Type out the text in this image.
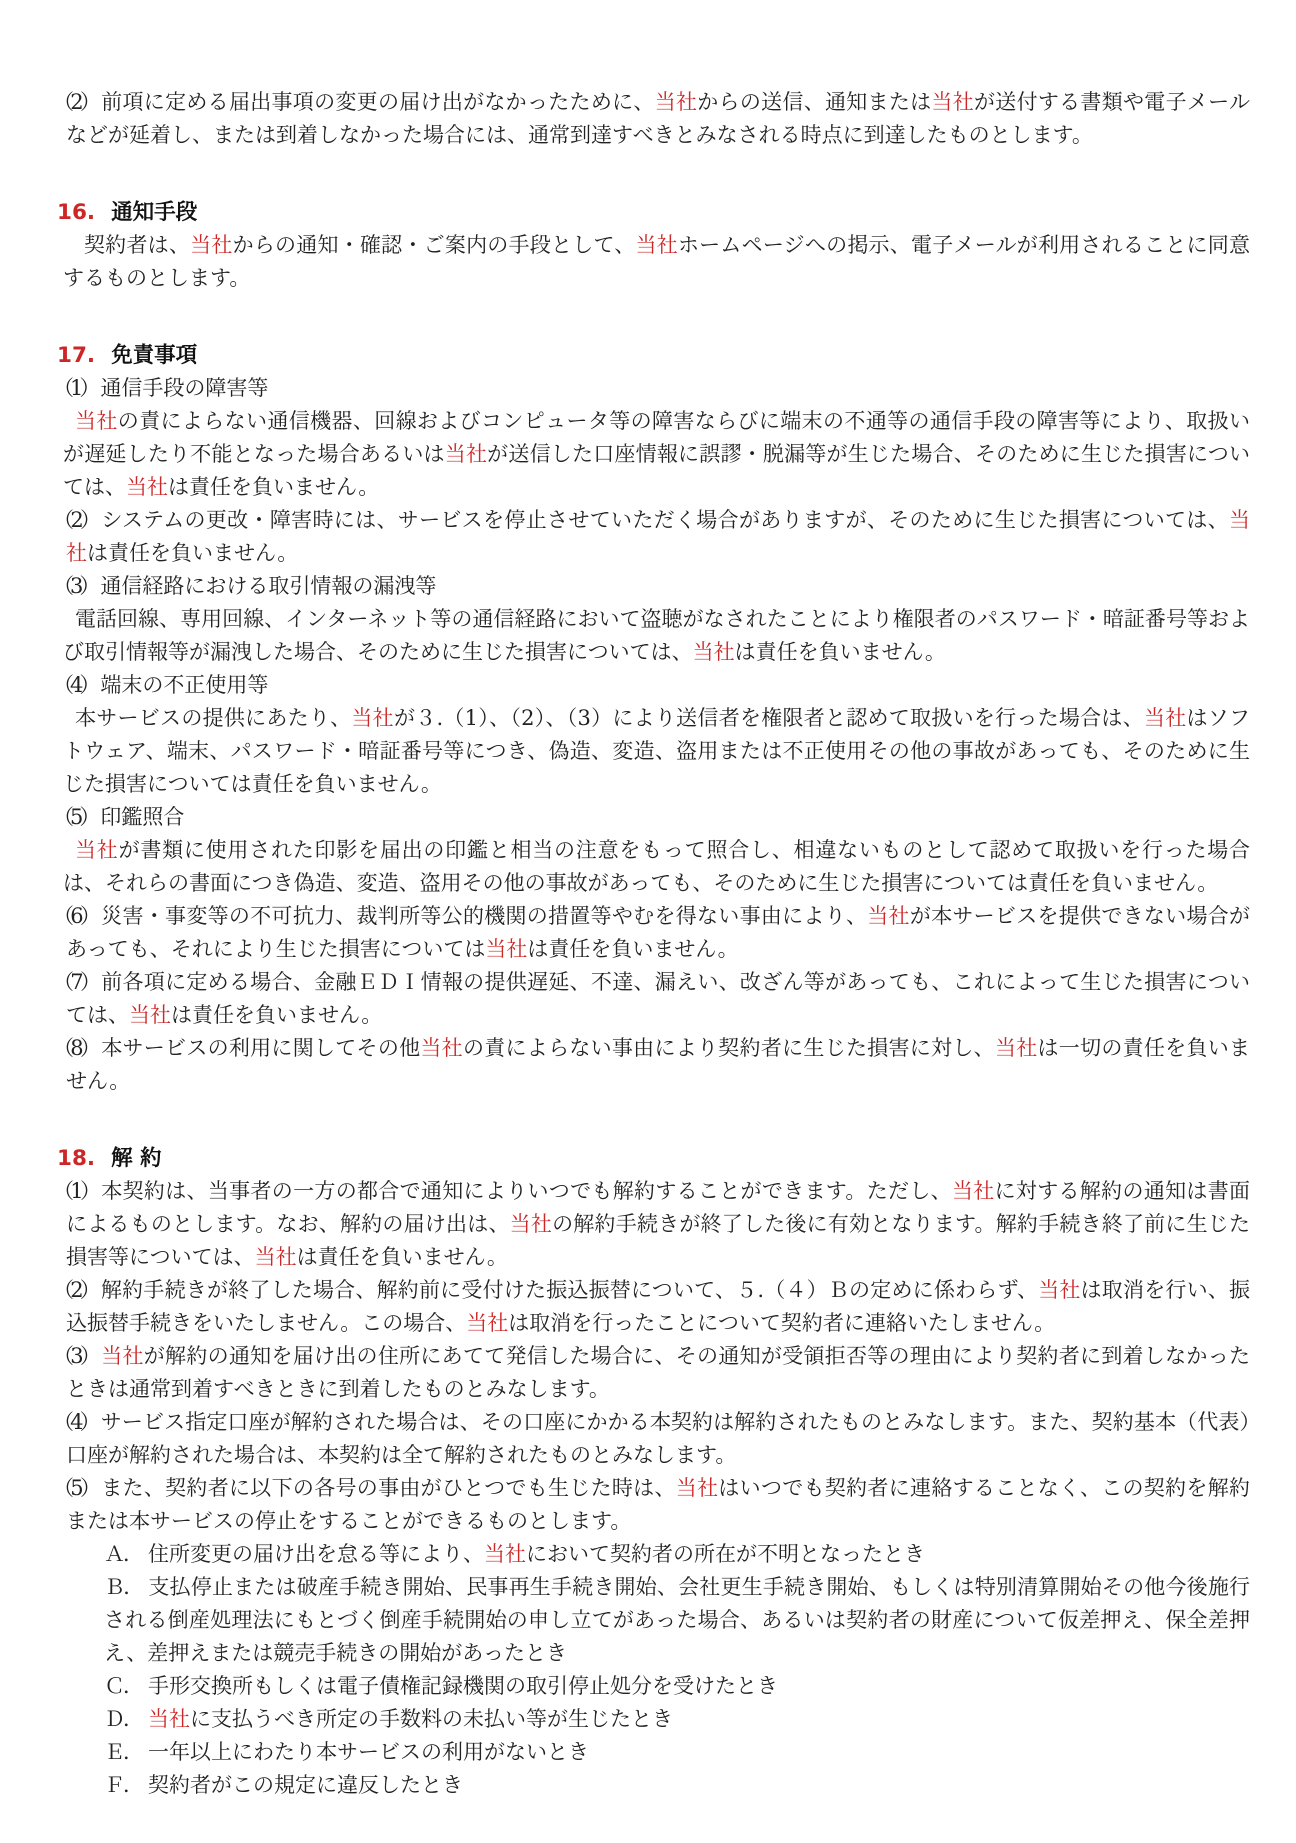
（2） 前項に定める届出事項の変更の届け出がなかったために、当社からの送信、通知または当社が送付する書類や電子メールなどが延着し、または到着しなかった場合には、通常到達すべきとみなされる時点に到達したものとします。
16. 通知手段
契約者は、当社からの通知・確認・ご案内の手段として、当社ホームページへの掲示、電子メールが利用されることに同意するものとします。
17. 免責事項
（1） 通信手段の障害等
当社の責によらない通信機器、回線およびコンピュータ等の障害ならびに端末の不通等の通信手段の障害等により、取扱いが遅延したり不能となった場合あるいは当社が送信した口座情報に誤謬・脱漏等が生じた場合、そのために生じた損害については、当社は責任を負いません。
（2） システムの更改・障害時には、サービスを停止させていただく場合がありますが、そのために生じた損害については、当社は責任を負いません。
（3） 通信経路における取引情報の漏洩等
電話回線、専用回線、インターネット等の通信経路において盗聴がなされたことにより権限者のパスワード・暗証番号等および取引情報等が漏洩した場合、そのために生じた損害については、当社は責任を負いません。
（4） 端末の不正使用等
本サービスの提供にあたり、当社が３.（1）、（2）、（3）により送信者を権限者と認めて取扱いを行った場合は、当社はソフトウェア、端末、パスワード・暗証番号等につき、偽造、変造、盗用または不正使用その他の事故があっても、そのために生じた損害については責任を負いません。
（5） 印鑑照合
当社が書類に使用された印影を届出の印鑑と相当の注意をもって照合し、相違ないものとして認めて取扱いを行った場合は、それらの書面につき偽造、変造、盗用その他の事故があっても、そのために生じた損害については責任を負いません。
（6） 災害・事変等の不可抗力、裁判所等公的機関の措置等やむを得ない事由により、当社が本サービスを提供できない場合があっても、それにより生じた損害については当社は責任を負いません。
（7） 前各項に定める場合、金融ＥＤＩ情報の提供遅延、不達、漏えい、改ざん等があっても、これによって生じた損害については、当社は責任を負いません。
（8） 本サービスの利用に関してその他当社の責によらない事由により契約者に生じた損害に対し、当社は一切の責任を負いません。
18. 解 約
（1） 本契約は、当事者の一方の都合で通知によりいつでも解約することができます。ただし、当社に対する解約の通知は書面によるものとします。なお、解約の届け出は、当社の解約手続きが終了した後に有効となります。解約手続き終了前に生じた損害等については、当社は責任を負いません。
（2） 解約手続きが終了した場合、解約前に受付けた振込振替について、５.（４）Ｂの定めに係わらず、当社は取消を行い、振込振替手続きをいたしません。この場合、当社は取消を行ったことについて契約者に連絡いたしません。
（3） 当社が解約の通知を届け出の住所にあてて発信した場合に、その通知が受領拒否等の理由により契約者に到着しなかったときは通常到着すべきときに到着したものとみなします。
（4） サービス指定口座が解約された場合は、その口座にかかる本契約は解約されたものとみなします。また、契約基本（代表）口座が解約された場合は、本契約は全て解約されたものとみなします。
（5） また、契約者に以下の各号の事由がひとつでも生じた時は、当社はいつでも契約者に連絡することなく、この契約を解約または本サービスの停止をすることができるものとします。
Ａ． 住所変更の届け出を怠る等により、当社において契約者の所在が不明となったとき
Ｂ． 支払停止または破産手続き開始、民事再生手続き開始、会社更生手続き開始、もしくは特別清算開始その他今後施行される倒産処理法にもとづく倒産手続開始の申し立てがあった場合、あるいは契約者の財産について仮差押え、保全差押え、差押えまたは競売手続きの開始があったとき
Ｃ． 手形交換所もしくは電子債権記録機関の取引停止処分を受けたとき
Ｄ． 当社に支払うべき所定の手数料の未払い等が生じたとき
Ｅ． 一年以上にわたり本サービスの利用がないとき
Ｆ． 契約者がこの規定に違反したとき
